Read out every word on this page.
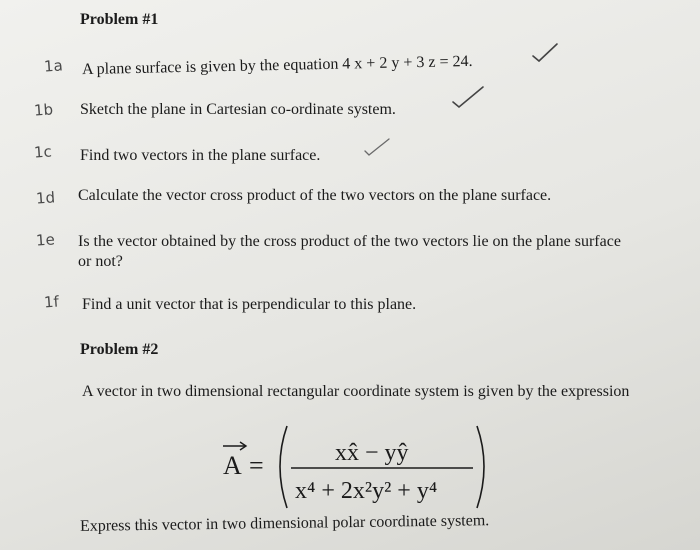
Problem #1
1a A plane surface is given by the equation 4 x + 2 y + 3 z = 24.
1b Sketch the plane in Cartesian co-ordinate system.
1c Find two vectors in the plane surface.
1d Calculate the vector cross product of the two vectors on the plane surface.
1e Is the vector obtained by the cross product of the two vectors lie on the plane surface or not?
1f Find a unit vector that is perpendicular to this plane.
Problem #2
A vector in two dimensional rectangular coordinate system is given by the expression
A =	xx̂ − yŷ
x⁴ + 2x²y² + y⁴
Express this vector in two dimensional polar coordinate system.
